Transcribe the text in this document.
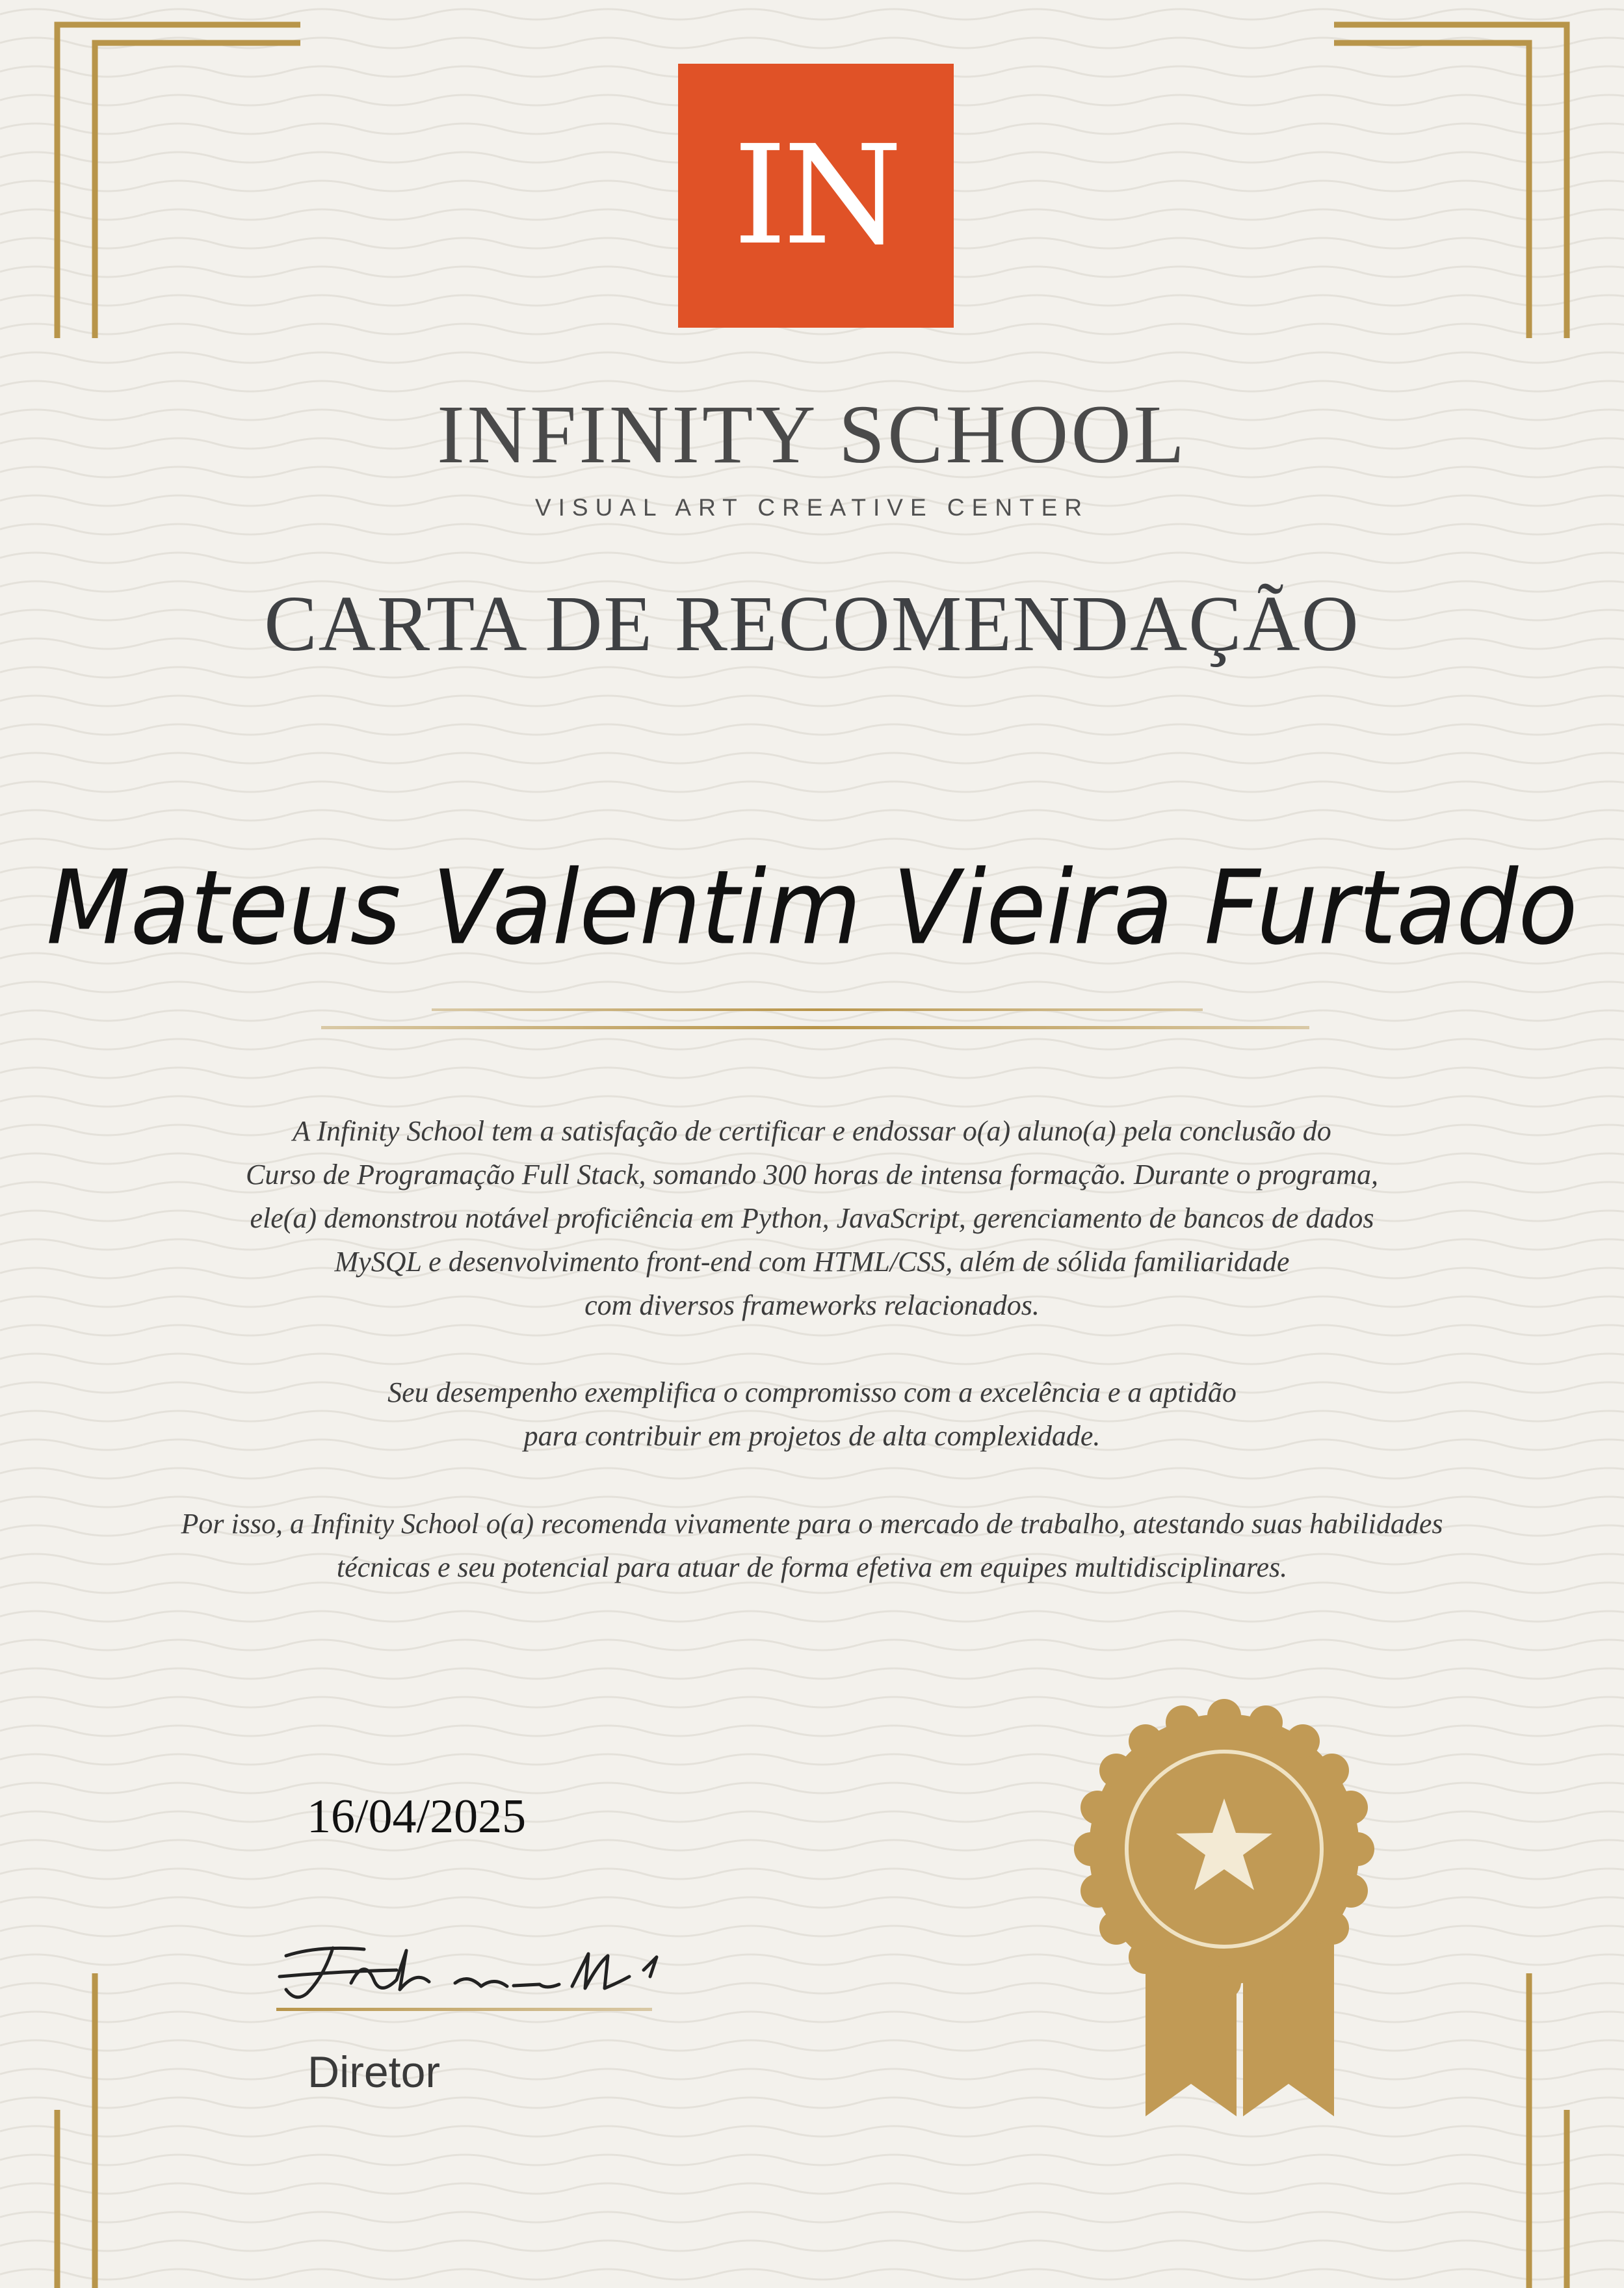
IN
INFINITY SCHOOL
VISUAL ART CREATIVE CENTER
CARTA DE RECOMENDAÇÃO
Mateus Valentim Vieira Furtado

A Infinity School tem a satisfação de certificar e endossar o(a) aluno(a) pela conclusão do

Curso de Programação Full Stack, somando 300 horas de intensa formação. Durante o programa,

ele(a) demonstrou notável proficiência em Python, JavaScript, gerenciamento de bancos de dados

MySQL e desenvolvimento front-end com HTML/CSS, além de sólida familiaridade

com diversos frameworks relacionados.

Seu desempenho exemplifica o compromisso com a excelência e a aptidão

para contribuir em projetos de alta complexidade.

Por isso, a Infinity School o(a) recomenda vivamente para o mercado de trabalho, atestando suas habilidades

técnicas e seu potencial para atuar de forma efetiva em equipes multidisciplinares.

16/04/2025
Diretor
